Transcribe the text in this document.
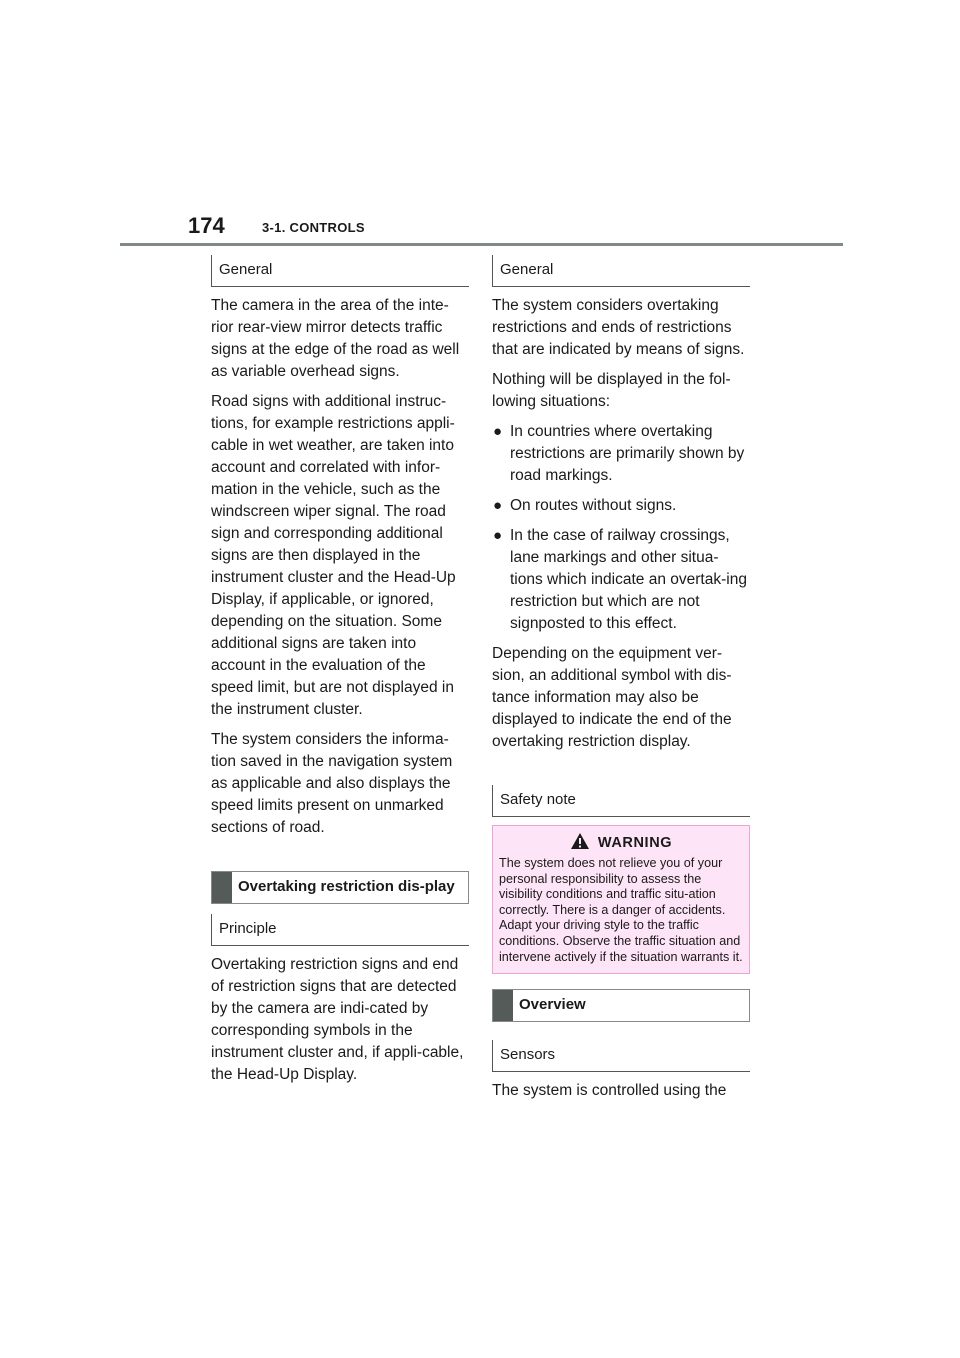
174	3-1. CONTROLS
General

The camera in the area of the inte-rior rear-view mirror detects traffic signs at the edge of the road as well as variable overhead signs.

Road signs with additional instruc-tions, for example restrictions appli-cable in wet weather, are taken into account and correlated with infor-mation in the vehicle, such as the windscreen wiper signal. The road sign and corresponding additional signs are then displayed in the instrument cluster and the Head-Up Display, if applicable, or ignored, depending on the situation. Some additional signs are taken into account in the evaluation of the speed limit, but are not displayed in the instrument cluster.

The system considers the informa-tion saved in the navigation system as applicable and also displays the speed limits present on unmarked sections of road.

Overtaking restriction dis-play
Principle

Overtaking restriction signs and end of restriction signs that are detected by the camera are indi-cated by corresponding symbols in the instrument cluster and, if appli-cable, the Head-Up Display.

General

The system considers overtaking restrictions and ends of restrictions that are indicated by means of signs.

Nothing will be displayed in the fol-lowing situations:

● In countries where overtaking restrictions are primarily shown by road markings.
● On routes without signs.
● In the case of railway crossings, lane markings and other situa-tions which indicate an overtak-ing restriction but which are not signposted to this effect.

Depending on the equipment ver-sion, an additional symbol with dis-tance information may also be displayed to indicate the end of the overtaking restriction display.

Safety note
WARNING

The system does not relieve you of your personal responsibility to assess the visibility conditions and traffic situ-ation correctly. There is a danger of accidents. Adapt your driving style to the traffic conditions. Observe the traffic situation and intervene actively if the situation warrants it.

Overview
Sensors

The system is controlled using the
